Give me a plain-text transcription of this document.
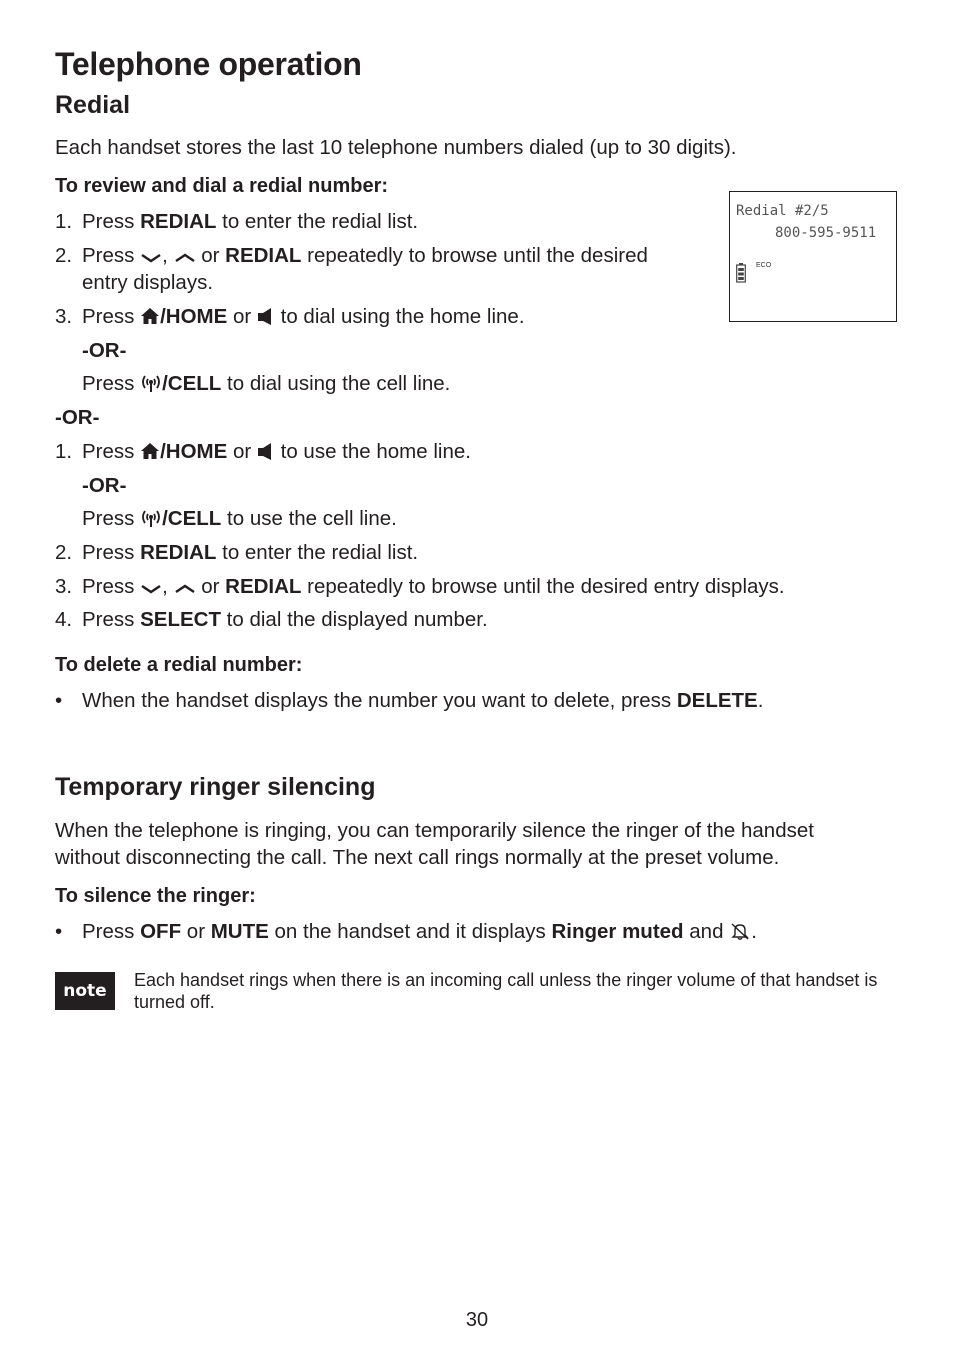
Telephone operation
Redial
Each handset stores the last 10 telephone numbers dialed (up to 30 digits).
To review and dial a redial number:
1. Press REDIAL to enter the redial list.
2. Press ,  or REDIAL repeatedly to browse until the desired
entry displays.
3. Press /HOME or  to dial using the home line.
-OR-
Press /CELL to dial using the cell line.
-OR-
1. Press /HOME or  to use the home line.
-OR-
Press /CELL to use the cell line.
2. Press REDIAL to enter the redial list.
3. Press ,  or REDIAL repeatedly to browse until the desired entry displays.
4. Press SELECT to dial the displayed number.
To delete a redial number:
• When the handset displays the number you want to delete, press DELETE.
Redial #2/5
800-595-9511
ECO
Temporary ringer silencing
When the telephone is ringing, you can temporarily silence the ringer of the handset
without disconnecting the call. The next call rings normally at the preset volume.
To silence the ringer:
• Press OFF or MUTE on the handset and it displays Ringer muted and .
note
Each handset rings when there is an incoming call unless the ringer volume of that handset is turned off.
30
